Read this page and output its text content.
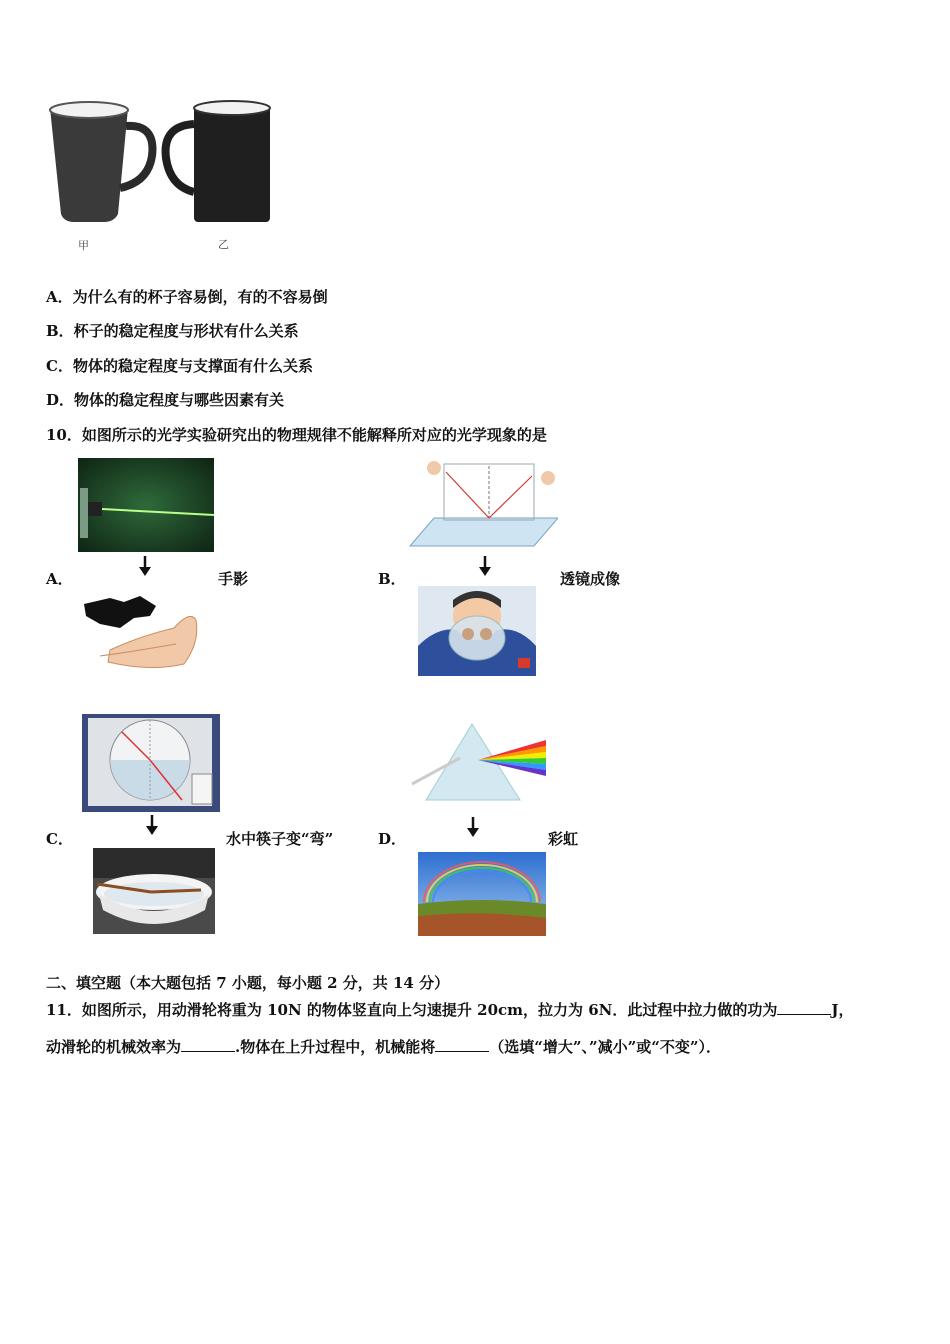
甲	乙
A．为什么有的杯子容易倒，有的不容易倒
B．杯子的稳定程度与形状有什么关系
C．物体的稳定程度与支撑面有什么关系
D．物体的稳定程度与哪些因素有关
10．如图所示的光学实验研究出的物理规律不能解释所对应的光学现象的是
A．	手影	B．	透镜成像
C．	水中筷子变“弯”	D．	彩虹
二、填空题（本大题包括 7 小题，每小题 2 分，共 14 分）
11．如图所示，用动滑轮将重为 10N 的物体竖直向上匀速提升 20cm，拉力为 6N．此过程中拉力做的功为	J，
动滑轮的机械效率为	.物体在上升过程中，机械能将	（选填“增大”、”减小”或“不变”）．
